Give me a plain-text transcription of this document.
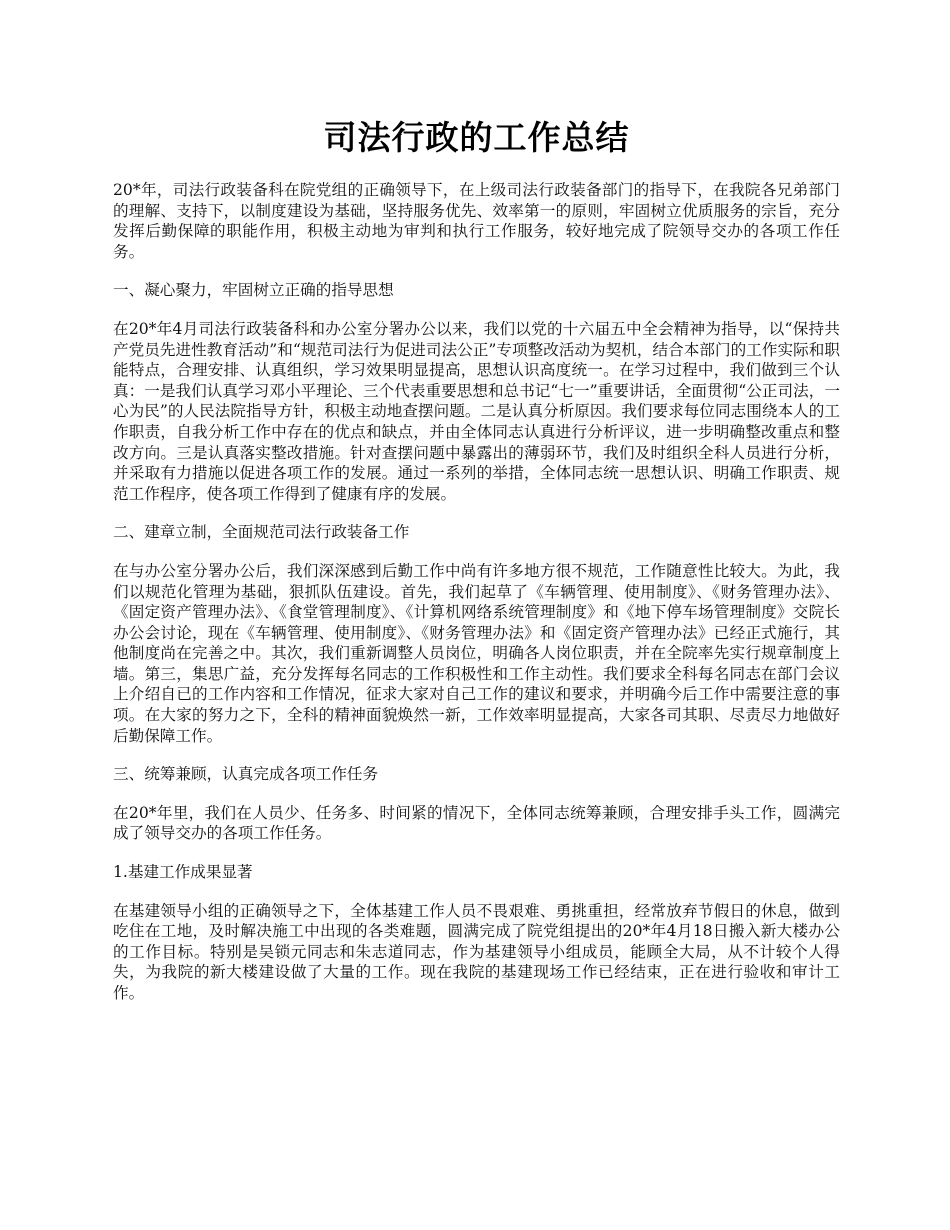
司法行政的工作总结

20*年，司法行政装备科在院党组的正确领导下，在上级司法行政装备部门的指导下，在我院各兄弟部门的理解、支持下，以制度建设为基础，坚持服务优先、效率第一的原则，牢固树立优质服务的宗旨，充分发挥后勤保障的职能作用，积极主动地为审判和执行工作服务，较好地完成了院领导交办的各项工作任务。

一、凝心聚力，牢固树立正确的指导思想

在20*年4月司法行政装备科和办公室分署办公以来，我们以党的十六届五中全会精神为指导，以“保持共产党员先进性教育活动”和“规范司法行为促进司法公正”专项整改活动为契机，结合本部门的工作实际和职能特点，合理安排、认真组织，学习效果明显提高，思想认识高度统一。在学习过程中，我们做到三个认真：一是我们认真学习邓小平理论、三个代表重要思想和总书记“七一”重要讲话，全面贯彻“公正司法，一心为民”的人民法院指导方针，积极主动地查摆问题。二是认真分析原因。我们要求每位同志围绕本人的工作职责，自我分析工作中存在的优点和缺点，并由全体同志认真进行分析评议，进一步明确整改重点和整改方向。三是认真落实整改措施。针对查摆问题中暴露出的薄弱环节，我们及时组织全科人员进行分析，并采取有力措施以促进各项工作的发展。通过一系列的举措，全体同志统一思想认识、明确工作职责、规范工作程序，使各项工作得到了健康有序的发展。

二、建章立制，全面规范司法行政装备工作

在与办公室分署办公后，我们深深感到后勤工作中尚有许多地方很不规范，工作随意性比较大。为此，我们以规范化管理为基础，狠抓队伍建设。首先，我们起草了《车辆管理、使用制度》、《财务管理办法》、《固定资产管理办法》、《食堂管理制度》、《计算机网络系统管理制度》和《地下停车场管理制度》交院长办公会讨论，现在《车辆管理、使用制度》、《财务管理办法》和《固定资产管理办法》已经正式施行，其他制度尚在完善之中。其次，我们重新调整人员岗位，明确各人岗位职责，并在全院率先实行规章制度上墙。第三，集思广益，充分发挥每名同志的工作积极性和工作主动性。我们要求全科每名同志在部门会议上介绍自已的工作内容和工作情况，征求大家对自己工作的建议和要求，并明确今后工作中需要注意的事项。在大家的努力之下，全科的精神面貌焕然一新，工作效率明显提高，大家各司其职、尽责尽力地做好后勤保障工作。

三、统筹兼顾，认真完成各项工作任务

在20*年里，我们在人员少、任务多、时间紧的情况下，全体同志统筹兼顾，合理安排手头工作，圆满完成了领导交办的各项工作任务。

1.基建工作成果显著

在基建领导小组的正确领导之下，全体基建工作人员不畏艰难、勇挑重担，经常放弃节假日的休息，做到吃住在工地，及时解决施工中出现的各类难题，圆满完成了院党组提出的20*年4月18日搬入新大楼办公的工作目标。特别是吴锁元同志和朱志道同志，作为基建领导小组成员，能顾全大局，从不计较个人得失，为我院的新大楼建设做了大量的工作。现在我院的基建现场工作已经结束，正在进行验收和审计工作。
